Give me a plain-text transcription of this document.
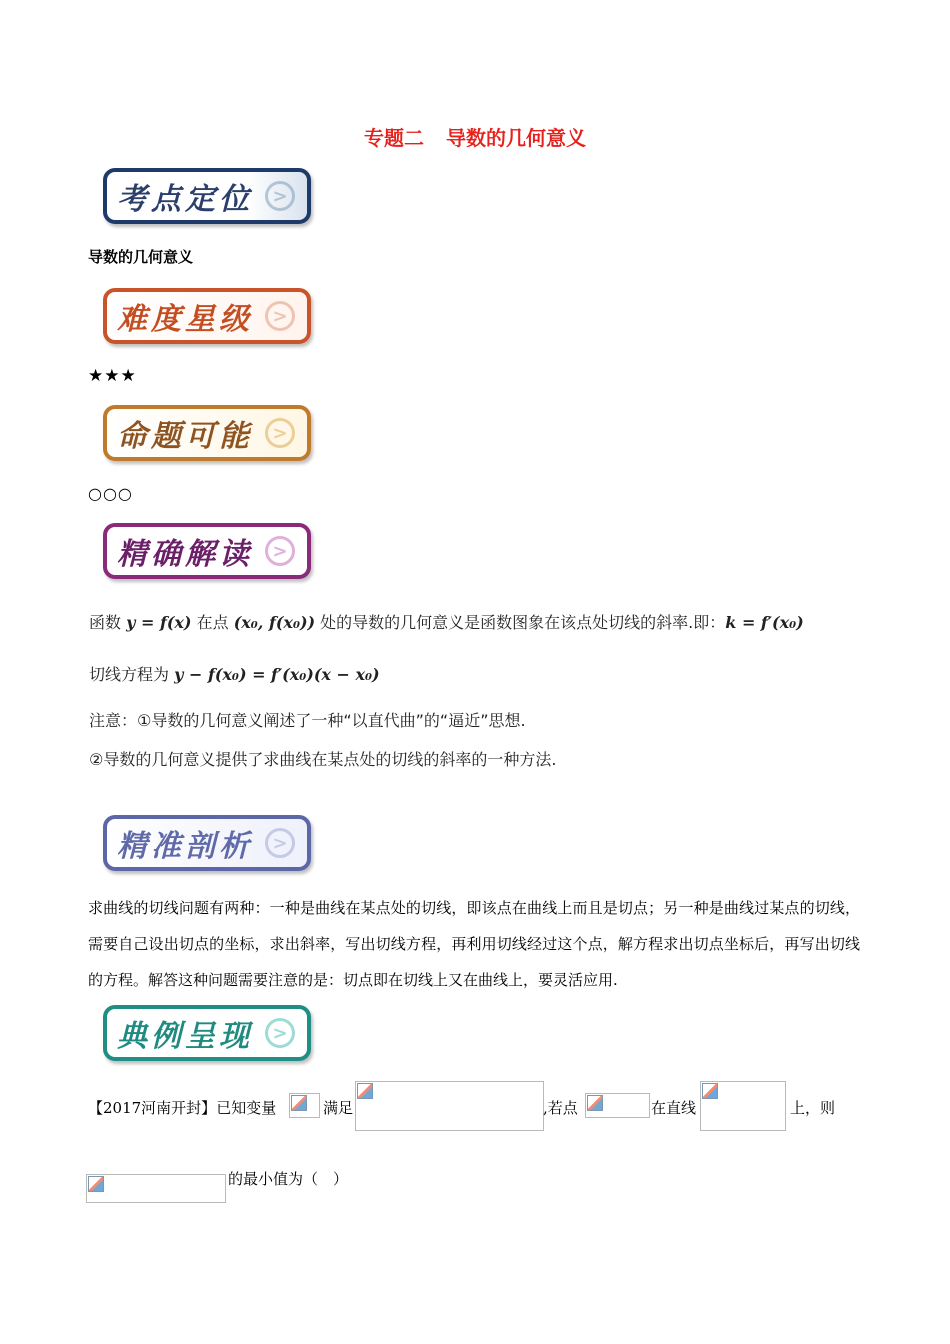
专题二 导数的几何意义
考点定位	>
导数的几何意义
难度星级	>
★★★
命题可能	>
○○○
精确解读	>
函数 y = f(x) 在点 (x₀, f(x₀)) 处的导数的几何意义是函数图象在该点处切线的斜率.即：k = f′(x₀)
切线方程为 y − f(x₀) = f′(x₀)(x − x₀)
注意：①导数的几何意义阐述了一种“以直代曲”的“逼近”思想.
②导数的几何意义提供了求曲线在某点处的切线的斜率的一种方法.
精准剖析	>
求曲线的切线问题有两种：一种是曲线在某点处的切线，即该点在曲线上而且是切点；另一种是曲线过某点的切线，需要自己设出切点的坐标，求出斜率，写出切线方程，再利用切线经过这个点，解方程求出切点坐标后，再写出切线的方程。解答这种问题需要注意的是：切点即在切线上又在曲线上，要灵活应用.
典例呈现	>
【2017河南开封】已知变量	满足	,若点	在直线	上，则
的最小值为（　）
